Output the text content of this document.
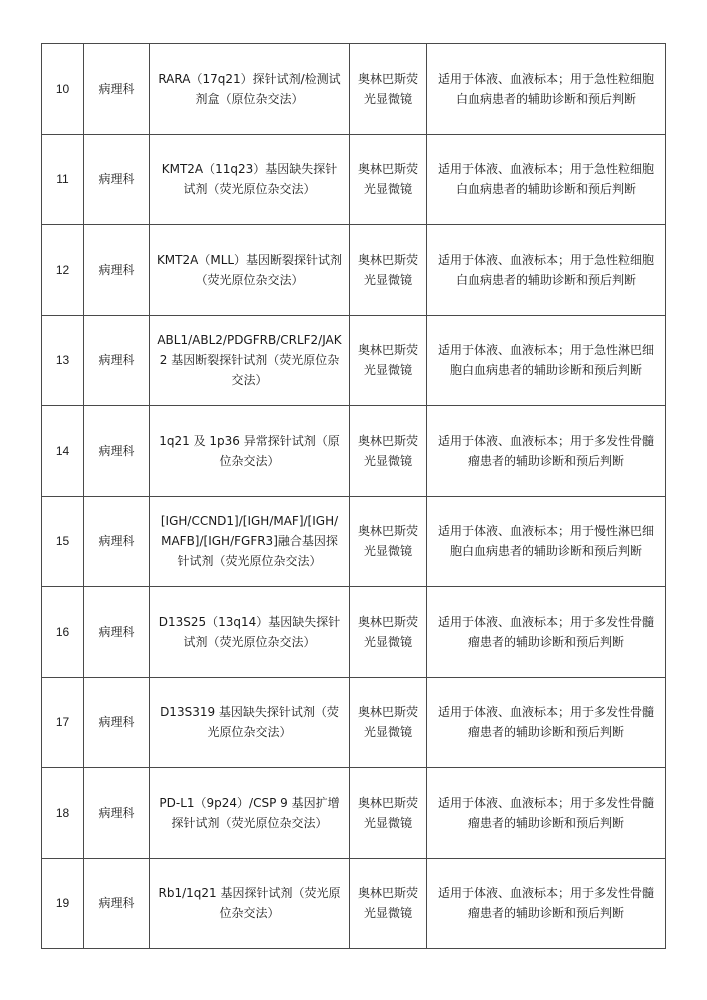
10	病理科	RARA（17q21）探针试剂/检测试剂盒（原位杂交法）	奥林巴斯荧光显微镜	适用于体液、血液标本；用于急性粒细胞白血病患者的辅助诊断和预后判断
11	病理科	KMT2A（11q23）基因缺失探针试剂（荧光原位杂交法）	奥林巴斯荧光显微镜	适用于体液、血液标本；用于急性粒细胞白血病患者的辅助诊断和预后判断
12	病理科	KMT2A（MLL）基因断裂探针试剂（荧光原位杂交法）	奥林巴斯荧光显微镜	适用于体液、血液标本；用于急性粒细胞白血病患者的辅助诊断和预后判断
13	病理科	ABL1/ABL2/PDGFRB/CRLF2/JAK2 基因断裂探针试剂（荧光原位杂交法）	奥林巴斯荧光显微镜	适用于体液、血液标本；用于急性淋巴细胞白血病患者的辅助诊断和预后判断
14	病理科	1q21 及 1p36 异常探针试剂（原位杂交法）	奥林巴斯荧光显微镜	适用于体液、血液标本；用于多发性骨髓瘤患者的辅助诊断和预后判断
15	病理科	[IGH/CCND1]/[IGH/MAF]/[IGH/MAFB]/[IGH/FGFR3]融合基因探针试剂（荧光原位杂交法）	奥林巴斯荧光显微镜	适用于体液、血液标本；用于慢性淋巴细胞白血病患者的辅助诊断和预后判断
16	病理科	D13S25（13q14）基因缺失探针试剂（荧光原位杂交法）	奥林巴斯荧光显微镜	适用于体液、血液标本；用于多发性骨髓瘤患者的辅助诊断和预后判断
17	病理科	D13S319 基因缺失探针试剂（荧光原位杂交法）	奥林巴斯荧光显微镜	适用于体液、血液标本；用于多发性骨髓瘤患者的辅助诊断和预后判断
18	病理科	PD-L1（9p24）/CSP 9 基因扩增探针试剂（荧光原位杂交法）	奥林巴斯荧光显微镜	适用于体液、血液标本；用于多发性骨髓瘤患者的辅助诊断和预后判断
19	病理科	Rb1/1q21 基因探针试剂（荧光原位杂交法）	奥林巴斯荧光显微镜	适用于体液、血液标本；用于多发性骨髓瘤患者的辅助诊断和预后判断
